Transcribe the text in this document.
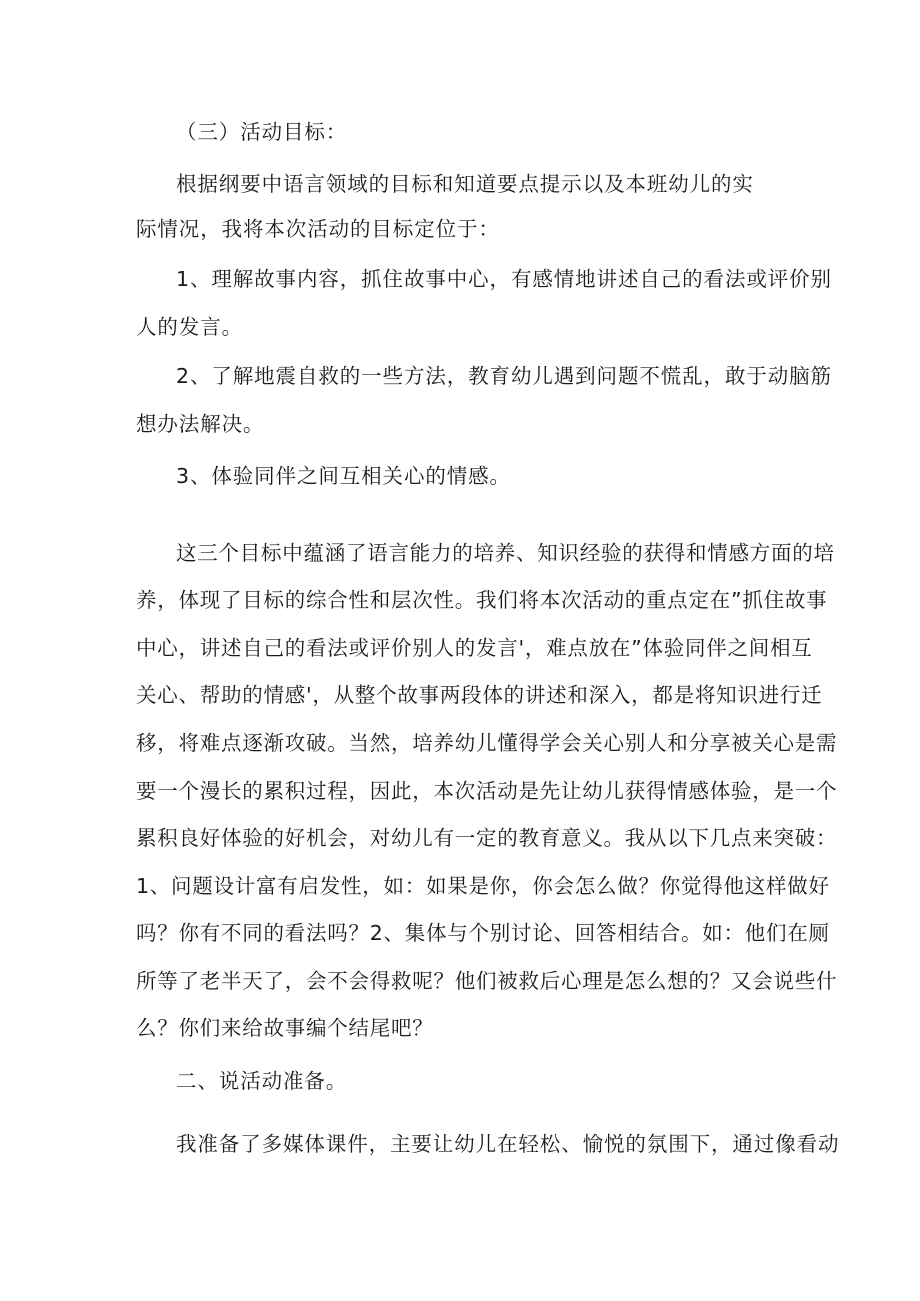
（三）活动目标：
根据纲要中语言领域的目标和知道要点提示以及本班幼儿的实
际情况，我将本次活动的目标定位于：
1、理解故事内容，抓住故事中心，有感情地讲述自己的看法或评价别
人的发言。
2、了解地震自救的一些方法，教育幼儿遇到问题不慌乱，敢于动脑筋
想办法解决。
3、体验同伴之间互相关心的情感。
这三个目标中蕴涵了语言能力的培养、知识经验的获得和情感方面的培
养，体现了目标的综合性和层次性。我们将本次活动的重点定在”抓住故事
中心，讲述自己的看法或评价别人的发言'，难点放在”体验同伴之间相互
关心、帮助的情感'，从整个故事两段体的讲述和深入，都是将知识进行迁
移，将难点逐渐攻破。当然，培养幼儿懂得学会关心别人和分享被关心是需
要一个漫长的累积过程，因此，本次活动是先让幼儿获得情感体验，是一个
累积良好体验的好机会，对幼儿有一定的教育意义。我从以下几点来突破：
1、问题设计富有启发性，如：如果是你，你会怎么做？你觉得他这样做好
吗？你有不同的看法吗？2、集体与个别讨论、回答相结合。如：他们在厕
所等了老半天了，会不会得救呢？他们被救后心理是怎么想的？又会说些什
么？你们来给故事编个结尾吧？
二、说活动准备。
我准备了多媒体课件，主要让幼儿在轻松、愉悦的氛围下，通过像看动
